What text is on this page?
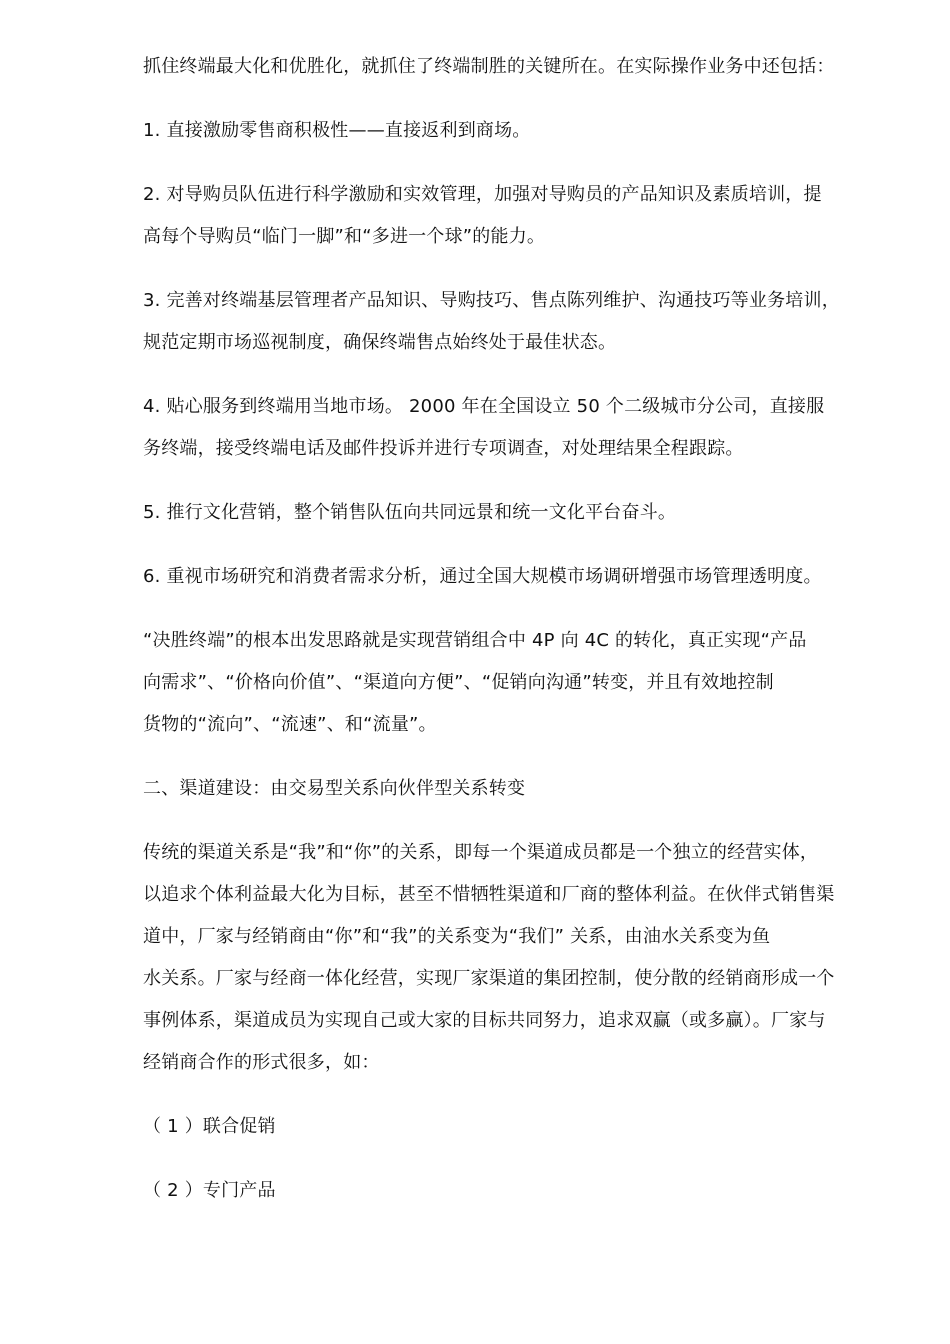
抓住终端最大化和优胜化，就抓住了终端制胜的关键所在。在实际操作业务中还包括：

1. 直接激励零售商积极性——直接返利到商场。

2. 对导购员队伍进行科学激励和实效管理，加强对导购员的产品知识及素质培训，提
高每个导购员“临门一脚”和“多进一个球”的能力。

3. 完善对终端基层管理者产品知识、导购技巧、售点陈列维护、沟通技巧等业务培训，
规范定期市场巡视制度，确保终端售点始终处于最佳状态。

4. 贴心服务到终端用当地市场。 2000 年在全国设立 50 个二级城市分公司，直接服
务终端，接受终端电话及邮件投诉并进行专项调查，对处理结果全程跟踪。

5. 推行文化营销，整个销售队伍向共同远景和统一文化平台奋斗。

6. 重视市场研究和消费者需求分析，通过全国大规模市场调研增强市场管理透明度。

“决胜终端”的根本出发思路就是实现营销组合中 4P 向 4C 的转化，真正实现“产品
向需求”、“价格向价值”、“渠道向方便”、“促销向沟通”转变，并且有效地控制
货物的“流向”、“流速”、和“流量”。

二、渠道建设：由交易型关系向伙伴型关系转变

传统的渠道关系是“我”和“你”的关系，即每一个渠道成员都是一个独立的经营实体，
以追求个体利益最大化为目标，甚至不惜牺牲渠道和厂商的整体利益。在伙伴式销售渠
道中，厂家与经销商由“你”和“我”的关系变为“我们” 关系，由油水关系变为鱼
水关系。厂家与经商一体化经营，实现厂家渠道的集团控制，使分散的经销商形成一个
事例体系，渠道成员为实现自己或大家的目标共同努力，追求双赢（或多赢）。厂家与
经销商合作的形式很多，如：

（ 1 ）联合促销

（ 2 ）专门产品
